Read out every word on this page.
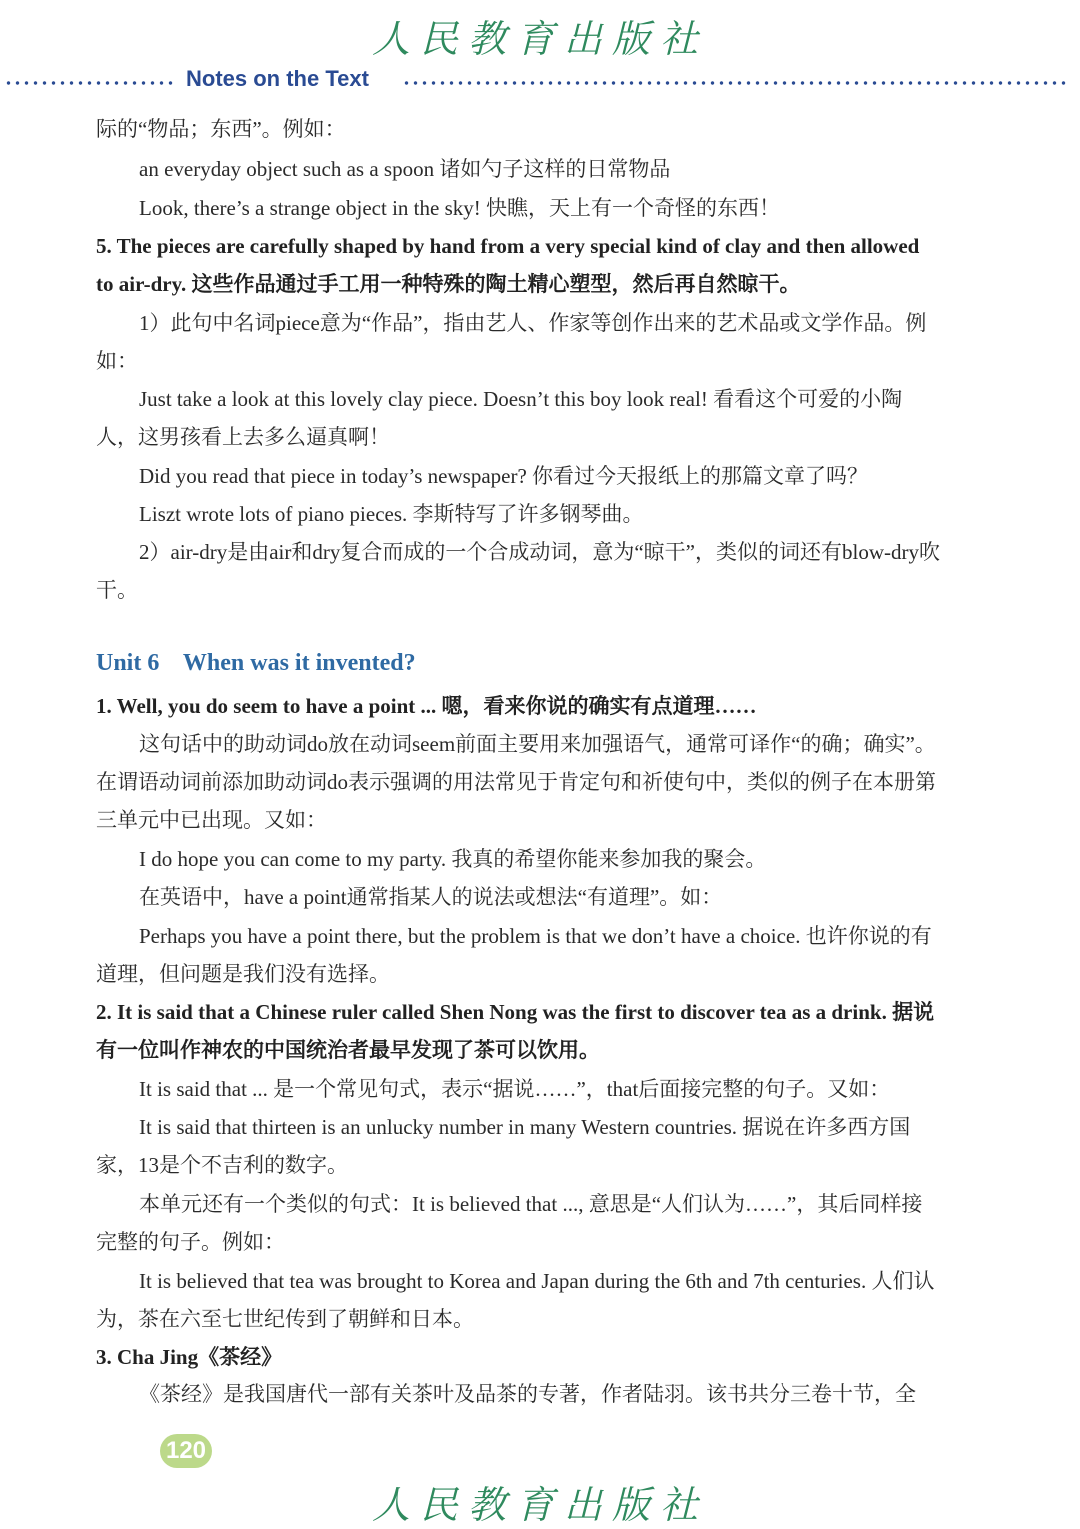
人民教育出版社
Notes on the Text

际的“物品；东西”。例如：

an everyday object such as a spoon 诸如勺子这样的日常物品

Look, there’s a strange object in the sky! 快瞧，天上有一个奇怪的东西！

5. The pieces are carefully shaped by hand from a very special kind of clay and then allowed to air-dry. 这些作品通过手工用一种特殊的陶土精心塑型，然后再自然晾干。

1）此句中名词piece意为“作品”，指由艺人、作家等创作出来的艺术品或文学作品。例如：

Just take a look at this lovely clay piece. Doesn’t this boy look real! 看看这个可爱的小陶人，这男孩看上去多么逼真啊！

Did you read that piece in today’s newspaper? 你看过今天报纸上的那篇文章了吗？

Liszt wrote lots of piano pieces. 李斯特写了许多钢琴曲。

2）air-dry是由air和dry复合而成的一个合成动词，意为“晾干”，类似的词还有blow-dry吹干。

Unit 6    When was it invented?

1. Well, you do seem to have a point ... 嗯，看来你说的确实有点道理……

这句话中的助动词do放在动词seem前面主要用来加强语气，通常可译作“的确；确实”。在谓语动词前添加助动词do表示强调的用法常见于肯定句和祈使句中，类似的例子在本册第三单元中已出现。又如：

I do hope you can come to my party. 我真的希望你能来参加我的聚会。

在英语中，have a point通常指某人的说法或想法“有道理”。如：

Perhaps you have a point there, but the problem is that we don’t have a choice. 也许你说的有道理，但问题是我们没有选择。

2. It is said that a Chinese ruler called Shen Nong was the first to discover tea as a drink. 据说有一位叫作神农的中国统治者最早发现了茶可以饮用。

It is said that ... 是一个常见句式，表示“据说……”，that后面接完整的句子。又如：

It is said that thirteen is an unlucky number in many Western countries. 据说在许多西方国家，13是个不吉利的数字。

本单元还有一个类似的句式：It is believed that ..., 意思是“人们认为……”，其后同样接完整的句子。例如：

It is believed that tea was brought to Korea and Japan during the 6th and 7th centuries. 人们认为，茶在六至七世纪传到了朝鲜和日本。

3. Cha Jing《茶经》

《茶经》是我国唐代一部有关茶叶及品茶的专著，作者陆羽。该书共分三卷十节，全

120
人民教育出版社
